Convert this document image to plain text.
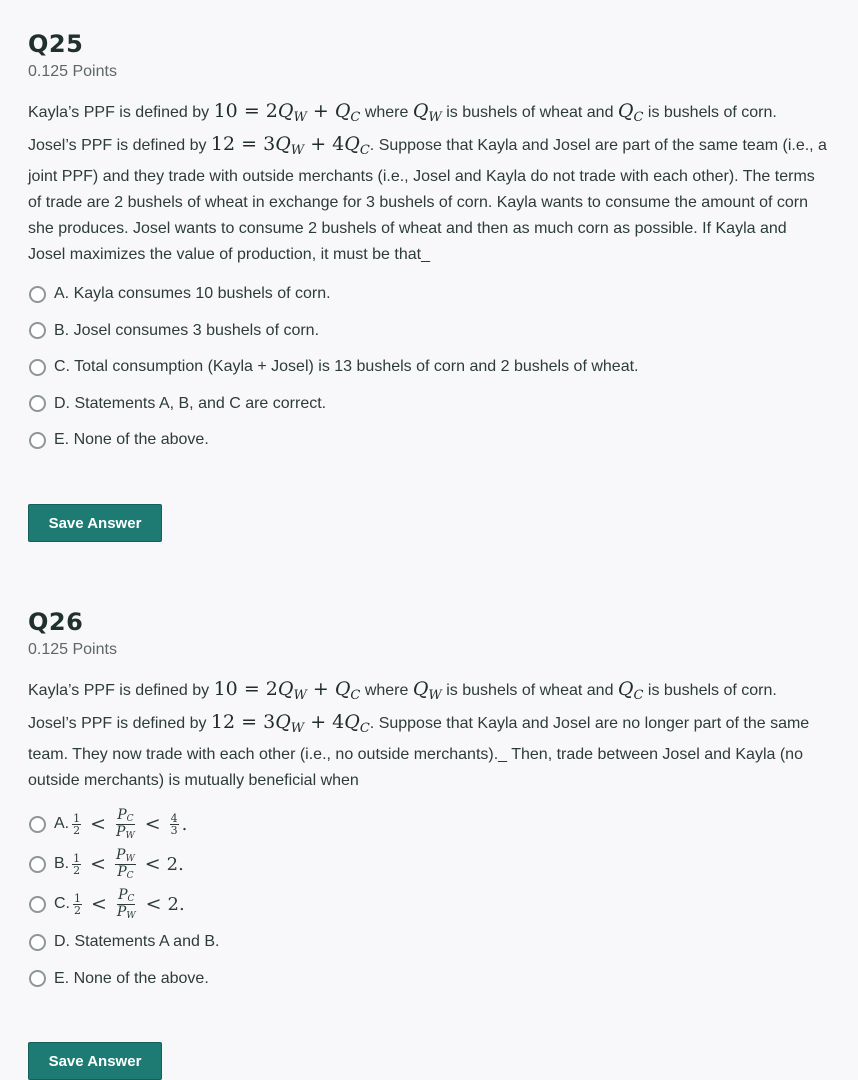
Q25
0.125 Points
Kayla’s PPF is defined by $10 = 2Q_W + Q_C$ where $Q_W$ is bushels of wheat and $Q_C$ is bushels of corn. Josel’s PPF is defined by $12 = 3Q_W + 4Q_C$. Suppose that Kayla and Josel are part of the same team (i.e., a joint PPF) and they trade with outside merchants (i.e., Josel and Kayla do not trade with each other). The terms of trade are 2 bushels of wheat in exchange for 3 bushels of corn. Kayla wants to consume the amount of corn she produces. Josel wants to consume 2 bushels of wheat and then as much corn as possible. If Kayla and Josel maximizes the value of production, it must be that_
A. Kayla consumes 10 bushels of corn.
B. Josel consumes 3 bushels of corn.
C. Total consumption (Kayla + Josel) is 13 bushels of corn and 2 bushels of wheat.
D. Statements A, B, and C are correct.
E. None of the above.
Save Answer
Q26
0.125 Points
Kayla’s PPF is defined by $10 = 2Q_W + Q_C$ where $Q_W$ is bushels of wheat and $Q_C$ is bushels of corn. Josel’s PPF is defined by $12 = 3Q_W + 4Q_C$. Suppose that Kayla and Josel are no longer part of the same team. They now trade with each other (i.e., no outside merchants)._ Then, trade between Josel and Kayla (no outside merchants) is mutually beneficial when
A. $\frac{1}{2} < \frac{PC}{PW} < \frac{4}{3}$ .
B. $\frac{1}{2} < \frac{PW}{PC} < 2$.
C. $\frac{1}{2} < \frac{PC}{PW} < 2$.
D. Statements A and B.
E. None of the above.
Save Answer
